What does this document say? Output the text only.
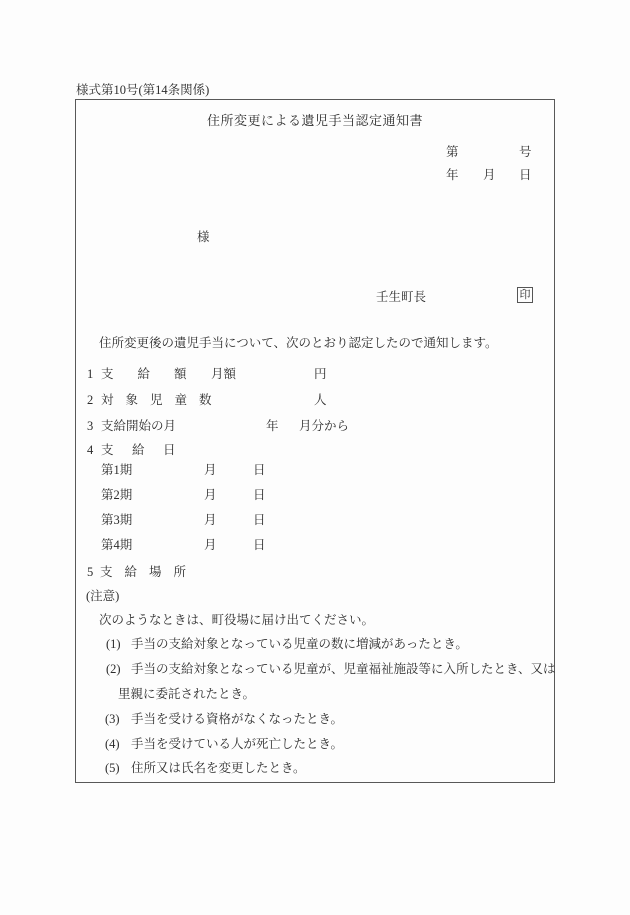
様式第10号(第14条関係)
住所変更による遺児手当認定通知書
第	号
年 月 日
様
壬生町長	印
住所変更後の遺児手当について、次のとおり認定したので通知します。
1 支給額 月額	円
2 対象児童数	人
3 支給開始の月	年 月分から
4 支給日
第1期	月	日
第2期	月	日
第3期	月	日
第4期	月	日
5 支給場所
(注意)
次のようなときは、町役場に届け出てください。
(1) 手当の支給対象となっている児童の数に増減があったとき。
(2) 手当の支給対象となっている児童が、児童福祉施設等に入所したとき、又は
里親に委託されたとき。
(3) 手当を受ける資格がなくなったとき。
(4) 手当を受けている人が死亡したとき。
(5) 住所又は氏名を変更したとき。
